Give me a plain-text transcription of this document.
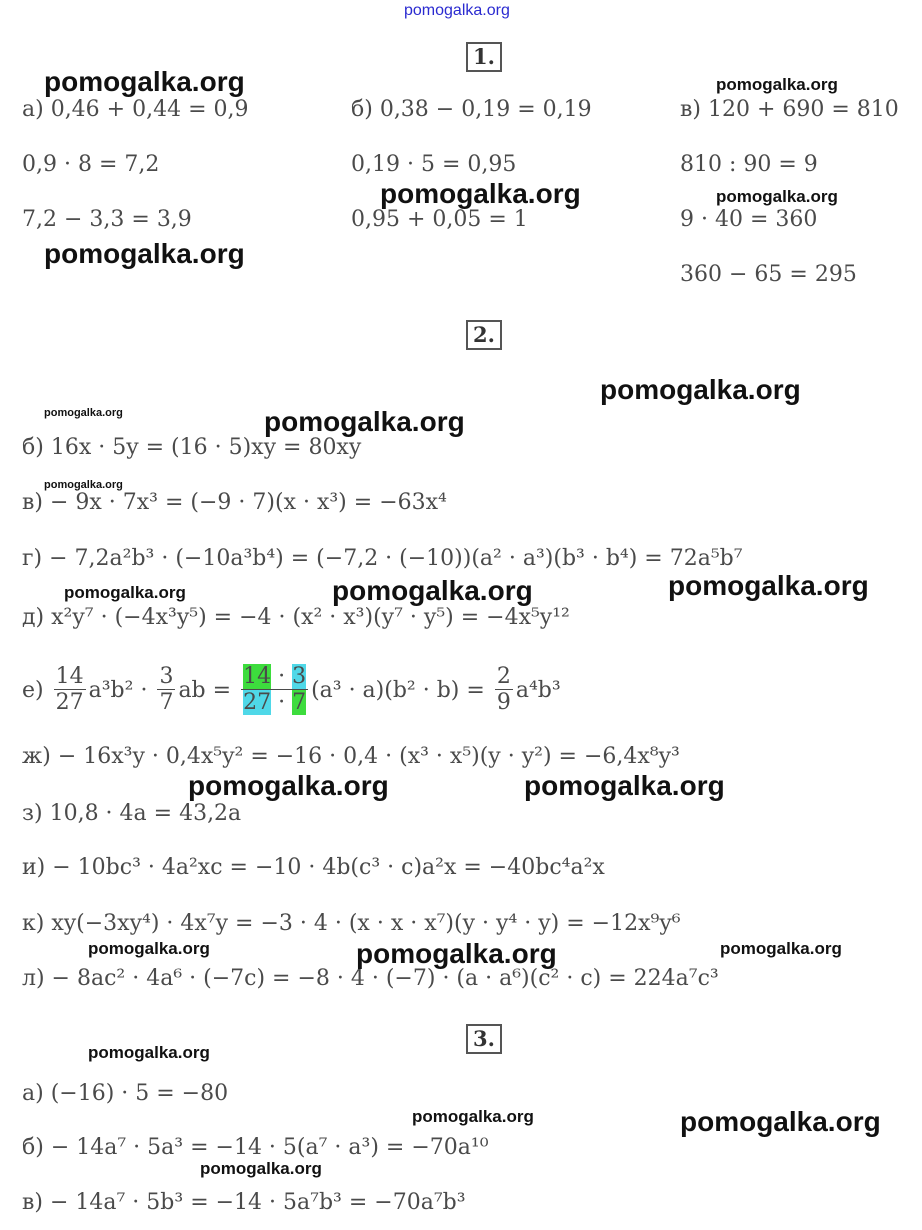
pomogalka.org
1.
а) 0,46 + 0,44 = 0,9
0,9 · 8 = 7,2
7,2 − 3,3 = 3,9
б) 0,38 − 0,19 = 0,19
0,19 · 5 = 0,95
0,95 + 0,05 = 1
в) 120 + 690 = 810
810 : 90 = 9
9 · 40 = 360
360 − 65 = 295
2.
б) 16x · 5y = (16 · 5)xy = 80xy
в) − 9x · 7x³ = (−9 · 7)(x · x³) = −63x⁴
г) − 7,2a²b³ · (−10a³b⁴) = (−7,2 · (−10))(a² · a³)(b³ · b⁴) = 72a⁵b⁷
д) x²y⁷ · (−4x³y⁵) = −4 · (x² · x³)(y⁷ · y⁵) = −4x⁵y¹²
е)
$\frac{14}{27} a^3b^2$ ·
$\frac{3}{7}$ ab =
$\frac{14 \cdot 3}{27 \cdot 7} (a^3 \cdot a)(b^2 \cdot b)$ =
$\frac{2}{9} a^4b^3$
ж) − 16x³y · 0,4x⁵y² = −16 · 0,4 · (x³ · x⁵)(y · y²) = −6,4x⁸y³
з) 10,8 · 4a = 43,2a
и) − 10bc³ · 4a²xc = −10 · 4b(c³ · c)a²x = −40bc⁴a²x
к) xy(−3xy⁴) · 4x⁷y = −3 · 4 · (x · x · x⁷)(y · y⁴ · y) = −12x⁹y⁶
л) − 8ac² · 4a⁶ · (−7c) = −8 · 4 · (−7) · (a · a⁶)(c² · c) = 224a⁷c³
3.
а) (−16) · 5 = −80
б) − 14a⁷ · 5a³ = −14 · 5(a⁷ · a³) = −70a¹⁰
в) − 14a⁷ · 5b³ = −14 · 5a⁷b³ = −70a⁷b³
pomogalka.org	pomogalka.org
pomogalka.org	pomogalka.org
pomogalka.org
pomogalka.org
pomogalka.org	pomogalka.org
pomogalka.org
pomogalka.org	pomogalka.org	pomogalka.org
pomogalka.org	pomogalka.org
pomogalka.org	pomogalka.org	pomogalka.org
pomogalka.org
pomogalka.org	pomogalka.org
pomogalka.org
